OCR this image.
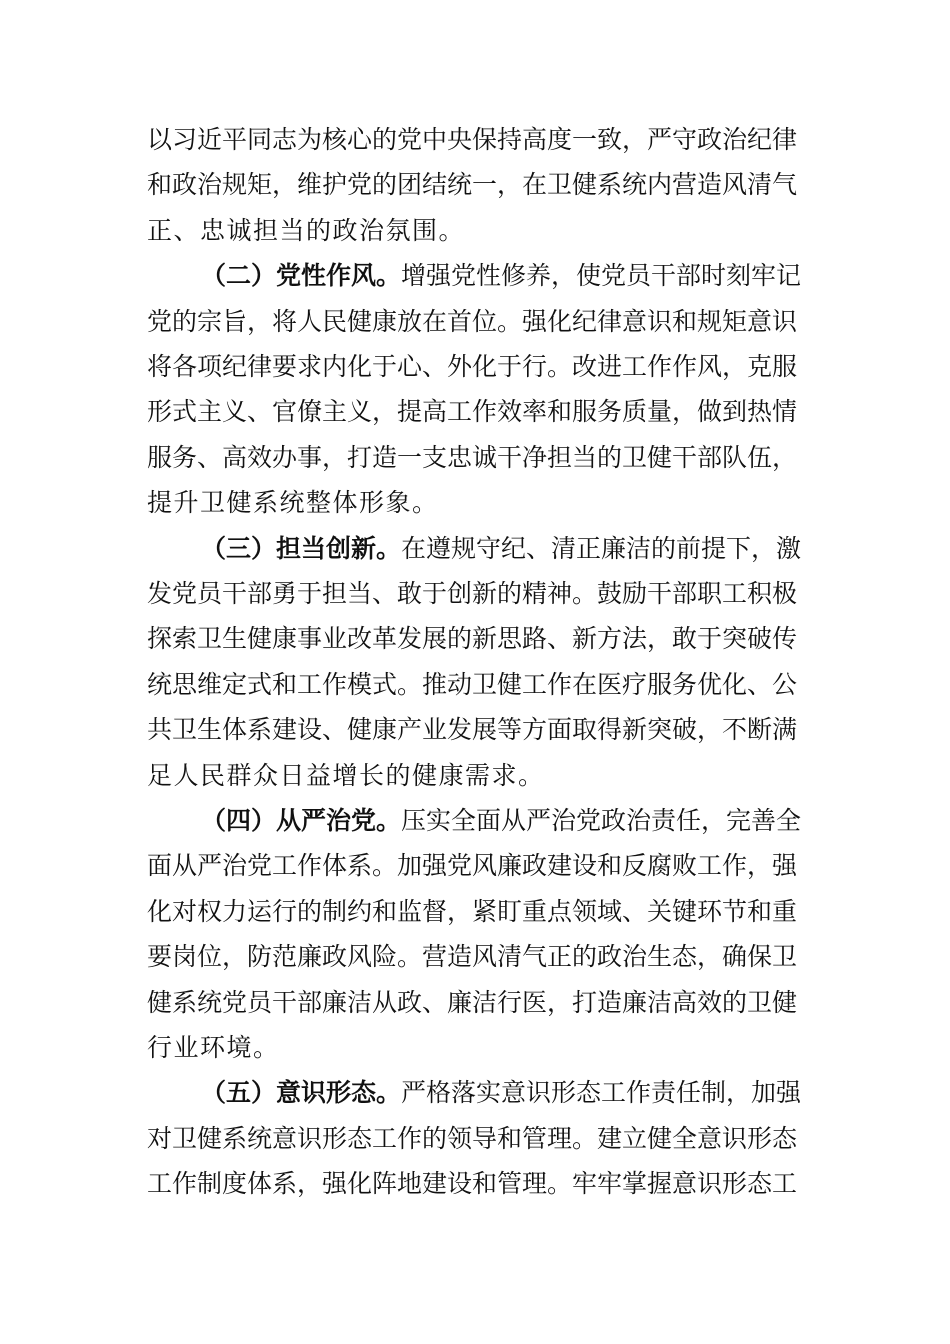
以习近平同志为核心的党中央保持高度一致，严守政治纪律
和政治规矩，维护党的团结统一，在卫健系统内营造风清气
正、忠诚担当的政治氛围。
（二）党性作风。增强党性修养，使党员干部时刻牢记
党的宗旨，将人民健康放在首位。强化纪律意识和规矩意识
将各项纪律要求内化于心、外化于行。改进工作作风，克服
形式主义、官僚主义，提高工作效率和服务质量，做到热情
服务、高效办事，打造一支忠诚干净担当的卫健干部队伍，
提升卫健系统整体形象。
（三）担当创新。在遵规守纪、清正廉洁的前提下，激
发党员干部勇于担当、敢于创新的精神。鼓励干部职工积极
探索卫生健康事业改革发展的新思路、新方法，敢于突破传
统思维定式和工作模式。推动卫健工作在医疗服务优化、公
共卫生体系建设、健康产业发展等方面取得新突破，不断满
足人民群众日益增长的健康需求。
（四）从严治党。压实全面从严治党政治责任，完善全
面从严治党工作体系。加强党风廉政建设和反腐败工作，强
化对权力运行的制约和监督，紧盯重点领域、关键环节和重
要岗位，防范廉政风险。营造风清气正的政治生态，确保卫
健系统党员干部廉洁从政、廉洁行医，打造廉洁高效的卫健
行业环境。
（五）意识形态。严格落实意识形态工作责任制，加强
对卫健系统意识形态工作的领导和管理。建立健全意识形态
工作制度体系，强化阵地建设和管理。牢牢掌握意识形态工
